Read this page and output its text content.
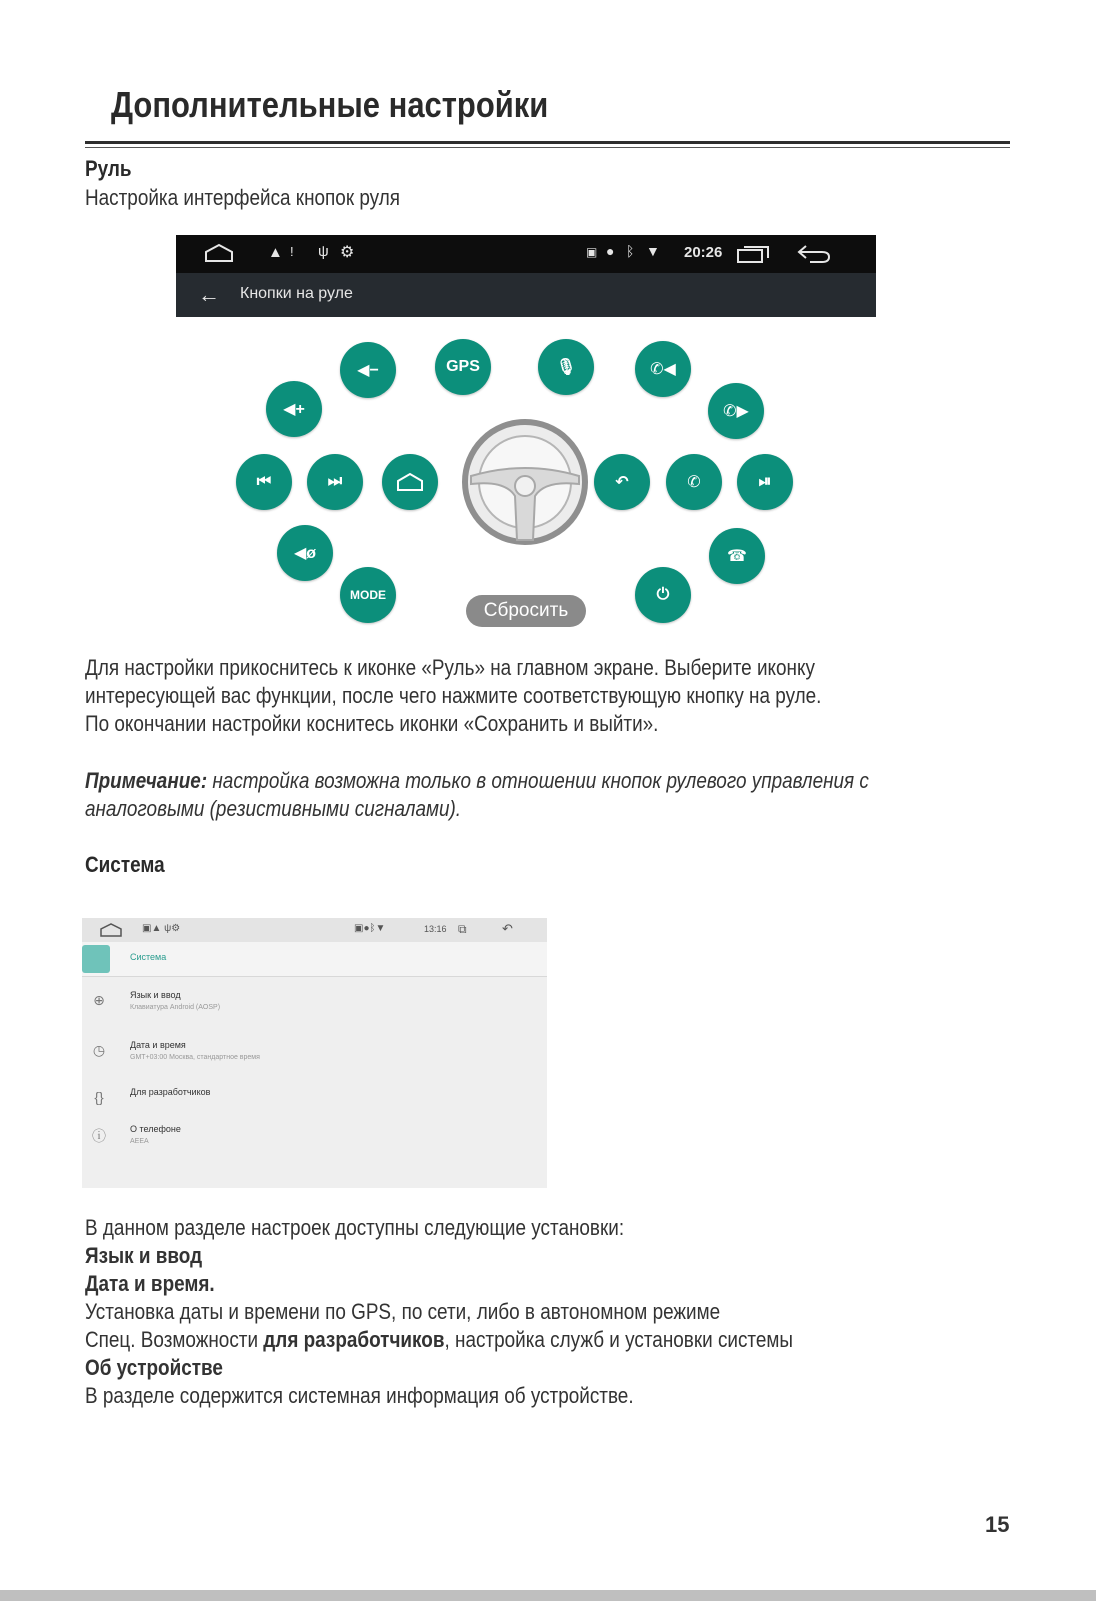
Дополнительные настройки
Руль
Настройка интерфейса кнопок руля
▲ ! ψ ⚙	▣ ● ᛒ ▼ 20:26
← Кнопки на руле
◀−	GPS	🎙	✆◀
◀+	✆▶
⏮	⏭	↶	✆	⏯
◀ø	☎
MODE
Сбросить
⏻
Для настройки прикоснитесь к иконке «Руль» на главном экране. Выберите иконку
интересующей вас функции, после чего нажмите соответствующую кнопку на руле.
По окончании настройки коснитесь иконки «Сохранить и выйти».
Примечание: настройка возможна только в отношении кнопок рулевого управления с
аналоговыми (резистивными сигналами).
Система
▣▲ ψ⚙	▣●ᛒ▼	13:16 ⧉	↶
Система
⊕	Язык и ввод
Клавиатура Android (AOSP)
◷	Дата и время
GMT+03:00 Москва, стандартное время
{}	Для разработчиков
ⓘ	О телефоне
AEEA
В данном разделе настроек доступны следующие установки:
Язык и ввод
Дата и время.
Установка даты и времени по GPS, по сети, либо в автономном режиме
Спец. Возможности для разработчиков, настройка служб и установки системы
Об устройстве
В разделе содержится системная информация об устройстве.
15
